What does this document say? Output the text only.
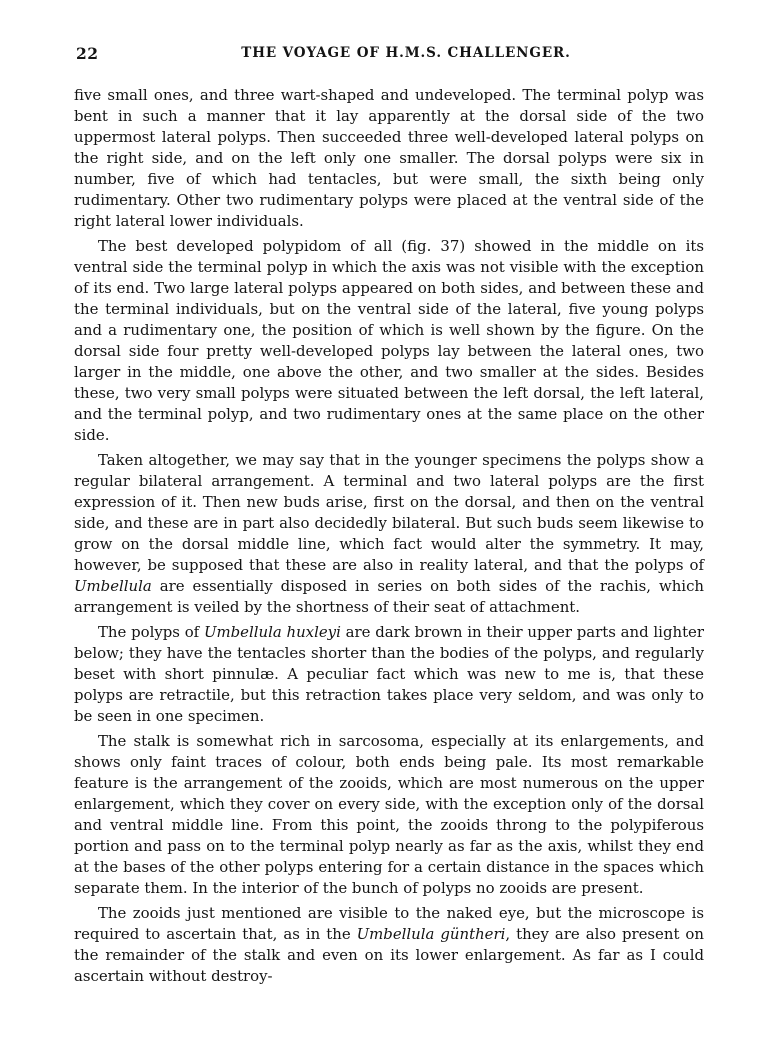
22	THE VOYAGE OF H.M.S. CHALLENGER.

five small ones, and three wart-shaped and undeveloped. The terminal polyp was bent in such a manner that it lay apparently at the dorsal side of the two uppermost lateral polyps. Then succeeded three well-developed lateral polyps on the right side, and on the left only one smaller. The dorsal polyps were six in number, five of which had tentacles, but were small, the sixth being only rudimentary. Other two rudimentary polyps were placed at the ventral side of the right lateral lower individuals.

The best developed polypidom of all (fig. 37) showed in the middle on its ventral side the terminal polyp in which the axis was not visible with the exception of its end. Two large lateral polyps appeared on both sides, and between these and the terminal individuals, but on the ventral side of the lateral, five young polyps and a rudimentary one, the position of which is well shown by the figure. On the dorsal side four pretty well-developed polyps lay between the lateral ones, two larger in the middle, one above the other, and two smaller at the sides. Besides these, two very small polyps were situated between the left dorsal, the left lateral, and the terminal polyp, and two rudimentary ones at the same place on the other side.

Taken altogether, we may say that in the younger specimens the polyps show a regular bilateral arrangement. A terminal and two lateral polyps are the first expression of it. Then new buds arise, first on the dorsal, and then on the ventral side, and these are in part also decidedly bilateral. But such buds seem likewise to grow on the dorsal middle line, which fact would alter the symmetry. It may, however, be supposed that these are also in reality lateral, and that the polyps of Umbellula are essentially disposed in series on both sides of the rachis, which arrangement is veiled by the shortness of their seat of attachment.

The polyps of Umbellula huxleyi are dark brown in their upper parts and lighter below; they have the tentacles shorter than the bodies of the polyps, and regularly beset with short pinnulæ. A peculiar fact which was new to me is, that these polyps are retractile, but this retraction takes place very seldom, and was only to be seen in one specimen.

The stalk is somewhat rich in sarcosoma, especially at its enlargements, and shows only faint traces of colour, both ends being pale. Its most remarkable feature is the arrangement of the zooids, which are most numerous on the upper enlargement, which they cover on every side, with the exception only of the dorsal and ventral middle line. From this point, the zooids throng to the polypiferous portion and pass on to the terminal polyp nearly as far as the axis, whilst they end at the bases of the other polyps entering for a certain distance in the spaces which separate them. In the interior of the bunch of polyps no zooids are present.

The zooids just mentioned are visible to the naked eye, but the microscope is required to ascertain that, as in the Umbellula güntheri, they are also present on the remainder of the stalk and even on its lower enlargement. As far as I could ascertain without destroy-
